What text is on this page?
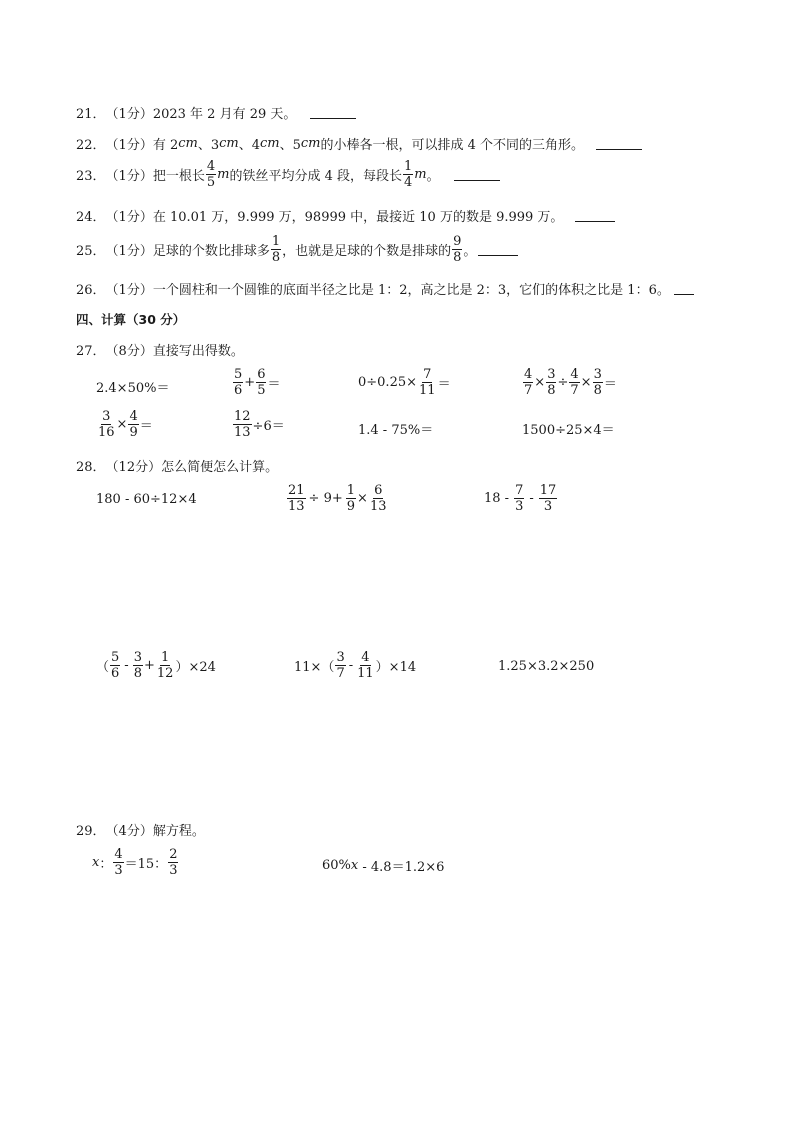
21． （1分） 2023 年 2 月有 29 天。
22． （1分） 有 2 cm 、3 cm 、4 cm 、5 cm 的小棒各一根，可以排成 4 个不同的三角形。
23． （1分） 把一根长 $\frac{4}{5}$ m 的铁丝平均分成 4 段，每段长 $\frac{1}{4}$ m 。
24． （1分） 在 10.01 万，9.999 万，98999 中，最接近 10 万的数是 9.999 万。
25． （1分） 足球的个数比排球多 $\frac{1}{8}$ ，也就是足球的个数是排球的 $\frac{9}{8}$ 。
26． （1分） 一个圆柱和一个圆锥的底面半径之比是 1：2，高之比是 2：3，它们的体积之比是 1：6。
四、计算（30 分）
27． （8分） 直接写出得数。
2.4×50%＝	$\frac{5}{6} + \frac{6}{5}$ ＝	$0\div 0.25\times \frac{7}{11}$ ＝	$\frac{4}{7} \times \frac{3}{8} \div \frac{4}{7} \times \frac{3}{8}$ ＝
$\frac{3}{16} \times \frac{4}{9}$ ＝	$\frac{12}{13} \div 6=$	1.4 - 75%＝	1500÷25×4＝
28． （12分） 怎么简便怎么计算。
180 - 60÷12×4	$\frac{21}{13} \div 9+ \frac{1}{9} \times \frac{6}{13}$	$18 - \frac{7}{3} - \frac{17}{3}$
（ $\frac{5}{6} - \frac{3}{8} + \frac{1}{12} )\times 24$	$11\times( \frac{3}{7} - \frac{4}{11} )\times 14$	1.25×3.2×250
29． （4分） 解方程。
x ： $\frac{4}{3} =15$： $\frac{2}{3}$	60% x - 4.8＝1.2×6
